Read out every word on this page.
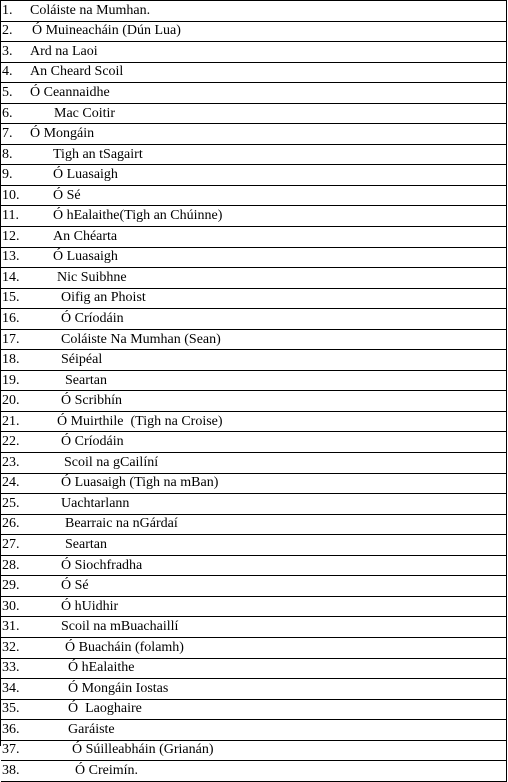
1. Coláiste na Mumhan.
2. Ó Muineacháin (Dún Lua)
3. Ard na Laoi
4. An Cheard Scoil
5. Ó Ceannaidhe
6.	Mac Coitir
7. Ó Mongáin
8.	Tigh an tSagairt
9.	Ó Luasaigh
10. Ó Sé
11. Ó hEalaithe(Tigh an Chúinne)
12. An Chéarta
13. Ó Luasaigh
14.	Nic Suibhne
15.	Oifig an Phoist
16.	Ó Críodáin
17.	Coláiste Na Mumhan (Sean)
18.	Séipéal
19.	Seartan
20.	Ó Scribhín
21.	Ó Muirthile  (Tigh na Croise)
22.	Ó Críodáin
23.	Scoil na gCailíní
24.	Ó Luasaigh (Tigh na mBan)
25.	Uachtarlann
26.	Bearraic na nGárdaí
27.	Seartan
28.	Ó Siochfradha
29.	Ó Sé
30.	Ó hUidhir
31.	Scoil na mBuachaillí
32.	Ó Buacháin (folamh)
33.	Ó hEalaithe
34.	Ó Mongáin Iostas
35.	Ó  Laoghaire
36.	Garáiste
37.	Ó Súilleabháin (Grianán)
38.	Ó Creimín.
